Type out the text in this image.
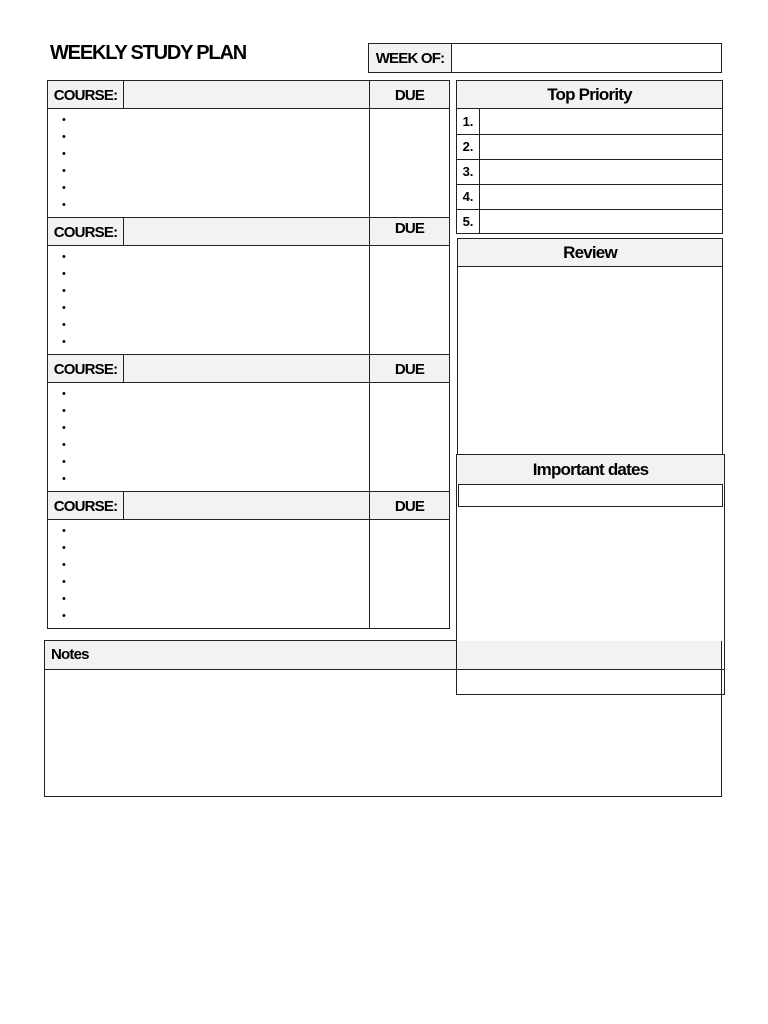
WEEKLY STUDY PLAN	WEEK OF:
COURSE:	DUE
•
•
•
•
•
•
COURSE:	DUE
•
•
•
•
•
•
COURSE:	DUE
•
•
•
•
•
•
COURSE:	DUE
•
•
•
•
•
•
Top Priority
1.
2.
3.
4.
5.
Review
Notes
Important dates
